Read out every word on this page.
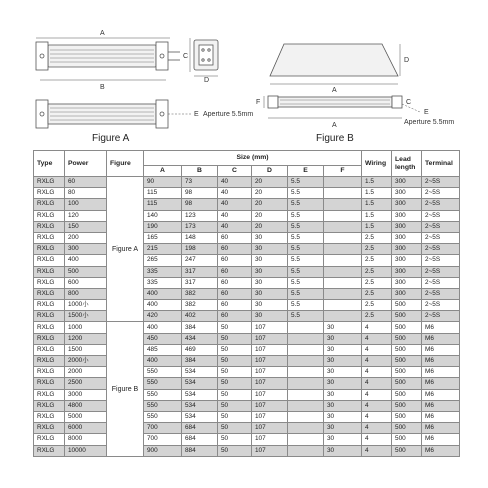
A
B
C
D
E Aperture 5.5mm
D
A
F	C
E
Aperture 5.5mm
A
Figure A	Figure B
Type	Power	Figure	Size (mm)						Wiring	Lead length	Terminal
			A	B	C	D	E	F			
RXLG	60	Figure A	90	73	40	20	5.5		1.5	300	2~5S
RXLG	80		115	98	40	20	5.5		1.5	300	2~5S
RXLG	100		115	98	40	20	5.5		1.5	300	2~5S
RXLG	120		140	123	40	20	5.5		1.5	300	2~5S
RXLG	150		190	173	40	20	5.5		1.5	300	2~5S
RXLG	200		165	148	60	30	5.5		2.5	300	2~5S
RXLG	300		215	198	60	30	5.5		2.5	300	2~5S
RXLG	400		265	247	60	30	5.5		2.5	300	2~5S
RXLG	500		335	317	60	30	5.5		2.5	300	2~5S
RXLG	600		335	317	60	30	5.5		2.5	300	2~5S
RXLG	800		400	382	60	30	5.5		2.5	300	2~5S
RXLG	1000小		400	382	60	30	5.5		2.5	500	2~5S
RXLG	1500小		420	402	60	30	5.5		2.5	500	2~5S
RXLG	1000	Figure B	400	384	50	107		30	4	500	M6
RXLG	1200		450	434	50	107		30	4	500	M6
RXLG	1500		485	469	50	107		30	4	500	M6
RXLG	2000小		400	384	50	107		30	4	500	M6
RXLG	2000		550	534	50	107		30	4	500	M6
RXLG	2500		550	534	50	107		30	4	500	M6
RXLG	3000		550	534	50	107		30	4	500	M6
RXLG	4800		550	534	50	107		30	4	500	M6
RXLG	5000		550	534	50	107		30	4	500	M6
RXLG	6000		700	684	50	107		30	4	500	M6
RXLG	8000		700	684	50	107		30	4	500	M6
RXLG	10000		900	884	50	107		30	4	500	M6
